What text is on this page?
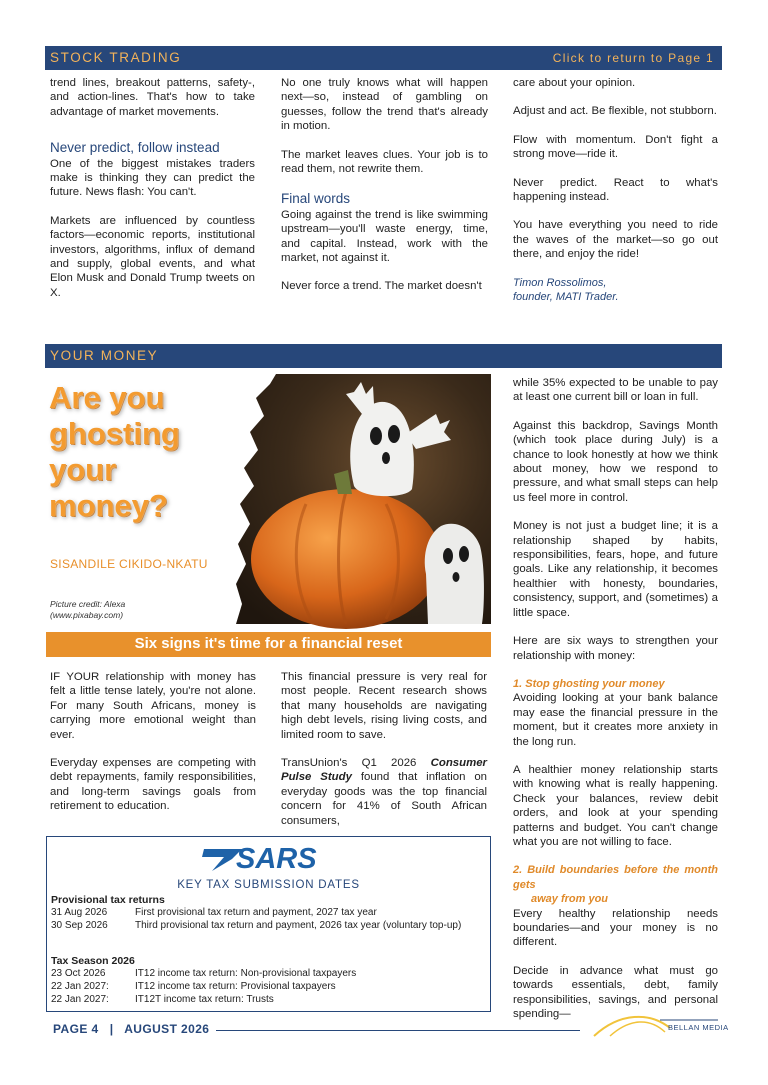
STOCK TRADING	Click to return to Page 1

trend lines, breakout patterns, safety-, and action-lines. That's how to take advantage of market movements.

Never predict, follow instead

One of the biggest mistakes traders make is thinking they can predict the future. News flash: You can't.

Markets are influenced by countless factors—economic reports, institutional investors, algorithms, influx of demand and supply, global events, and what Elon Musk and Donald Trump tweets on X.

No one truly knows what will happen next—so, instead of gambling on guesses, follow the trend that's already in motion.

The market leaves clues. Your job is to read them, not rewrite them.

Final words

Going against the trend is like swimming upstream—you'll waste energy, time, and capital. Instead, work with the market, not against it.

Never force a trend. The market doesn't

care about your opinion.

Adjust and act. Be flexible, not stubborn.

Flow with momentum. Don't fight a strong move—ride it.

Never predict. React to what's happening instead.

You have everything you need to ride the waves of the market—so go out there, and enjoy the ride!

Timon Rossolimos,
founder, MATI Trader.
YOUR MONEY
Are you
ghosting
your
money?
SISANDILE CIKIDO-NKATU
Picture credit: Alexa
(www.pixabay.com)
Six signs it's time for a financial reset

IF YOUR relationship with money has felt a little tense lately, you're not alone. For many South Africans, money is carrying more emotional weight than ever.

Everyday expenses are competing with debt repayments, family responsibilities, and long-term savings goals from retirement to education.

This financial pressure is very real for most people. Recent research shows that many households are navigating high debt levels, rising living costs, and limited room to save.

TransUnion's Q1 2026 Consumer Pulse Study found that inflation on everyday goods was the top financial concern for 41% of South African consumers,

while 35% expected to be unable to pay at least one current bill or loan in full.

Against this backdrop, Savings Month (which took place during July) is a chance to look honestly at how we think about money, how we respond to pressure, and what small steps can help us feel more in control.

Money is not just a budget line; it is a relationship shaped by habits, responsibilities, fears, hope, and future goals. Like any relationship, it becomes healthier with honesty, boundaries, consistency, support, and (sometimes) a little space.

Here are six ways to strengthen your relationship with money:

1. Stop ghosting your money

Avoiding looking at your bank balance may ease the financial pressure in the moment, but it creates more anxiety in the long run.

A healthier money relationship starts with knowing what is really happening. Check your balances, review debit orders, and look at your spending patterns and budget. You can't change what you are not willing to face.

2. Build boundaries before the month gets
away from you

Every healthy relationship needs boundaries—and your money is no different.

Decide in advance what must go towards essentials, debt, family responsibilities, savings, and personal spending—

SARS
KEY TAX SUBMISSION DATES
Provisional tax returns
31 Aug 2026	First provisional tax return and payment, 2027 tax year
30 Sep 2026	Third provisional tax return and payment, 2026 tax year (voluntary top-up)
Tax Season 2026
23 Oct 2026	IT12 income tax return: Non-provisional taxpayers
22 Jan 2027:	IT12 income tax return: Provisional taxpayers
22 Jan 2027:	IT12T income tax return: Trusts
PAGE 4   |   AUGUST 2026	BELLAN MEDIA
